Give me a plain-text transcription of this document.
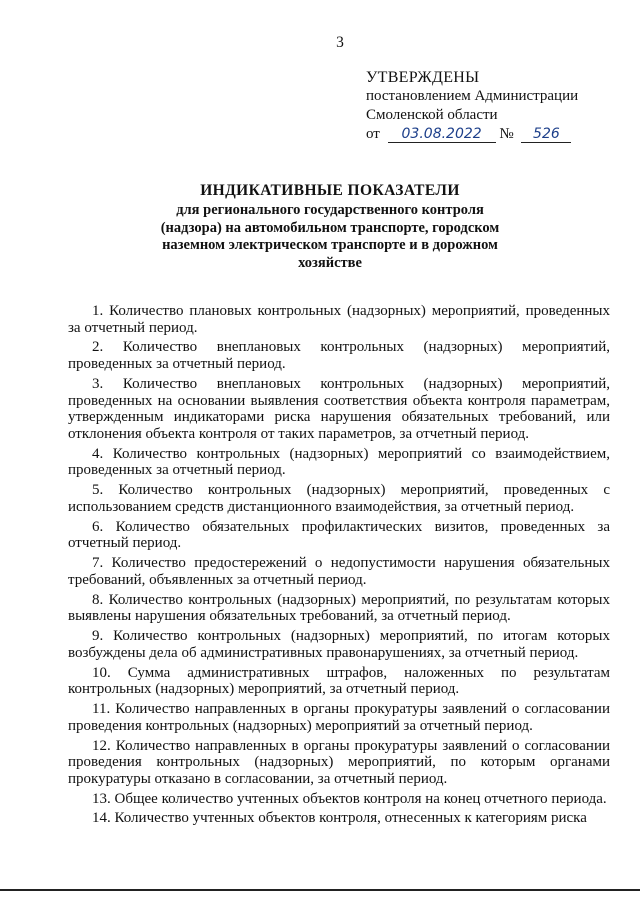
3
УТВЕРЖДЕНЫ
постановлением Администрации
Смоленской области
от 03.08.2022 № 526
ИНДИКАТИВНЫЕ ПОКАЗАТЕЛИ
для регионального государственного контроля
(надзора) на автомобильном транспорте, городском
наземном электрическом транспорте и в дорожном
хозяйстве

1. Количество плановых контрольных (надзорных) мероприятий, проведенных за отчетный период.

2. Количество внеплановых контрольных (надзорных) мероприятий, проведенных за отчетный период.

3. Количество внеплановых контрольных (надзорных) мероприятий, проведенных на основании выявления соответствия объекта контроля параметрам, утвержденным индикаторами риска нарушения обязательных требований, или отклонения объекта контроля от таких параметров, за отчетный период.

4. Количество контрольных (надзорных) мероприятий со взаимодействием, проведенных за отчетный период.

5. Количество контрольных (надзорных) мероприятий, проведенных с использованием средств дистанционного взаимодействия, за отчетный период.

6. Количество обязательных профилактических визитов, проведенных за отчетный период.

7. Количество предостережений о недопустимости нарушения обязательных требований, объявленных за отчетный период.

8. Количество контрольных (надзорных) мероприятий, по результатам которых выявлены нарушения обязательных требований, за отчетный период.

9. Количество контрольных (надзорных) мероприятий, по итогам которых возбуждены дела об административных правонарушениях, за отчетный период.

10. Сумма административных штрафов, наложенных по результатам контрольных (надзорных) мероприятий, за отчетный период.

11. Количество направленных в органы прокуратуры заявлений о согласовании проведения контрольных (надзорных) мероприятий за отчетный период.

12. Количество направленных в органы прокуратуры заявлений о согласовании проведения контрольных (надзорных) мероприятий, по которым органами прокуратуры отказано в согласовании, за отчетный период.

13. Общее количество учтенных объектов контроля на конец отчетного периода.

14. Количество учтенных объектов контроля, отнесенных к категориям риска
